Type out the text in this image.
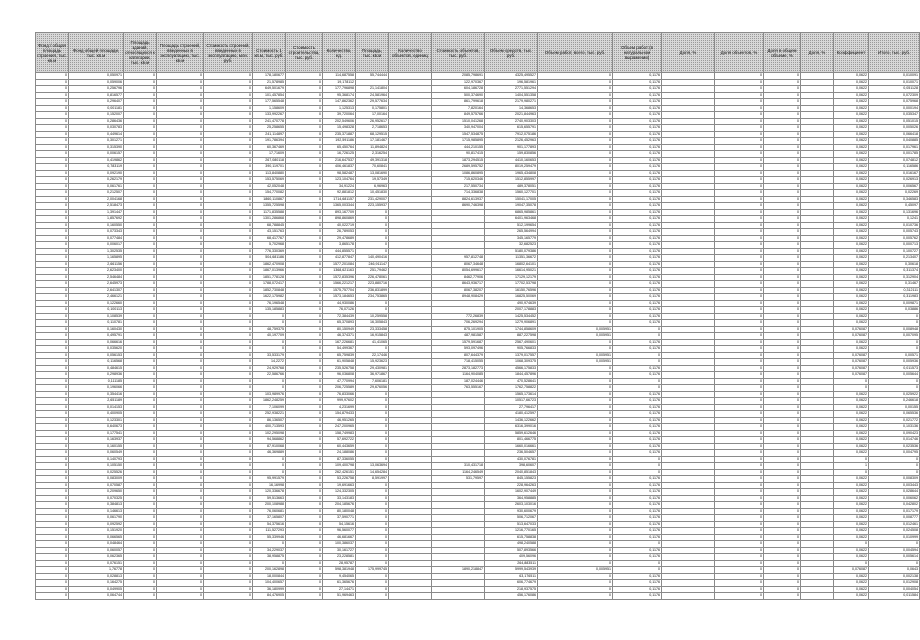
Фонд / общая площадь строения, тыс. кв.м	Фонд общей площади, тыс. кв.м	Площадь зданий, относящихся к категории, тыс. кв.м	Площадь строений, введенных в эксплуатацию, тыс. кв.м	Стоимость строений, введенных в эксплуатацию, млн. руб.	Стоимость 1 кв.м, тыс. руб.	Стоимость строительства, тыс. руб.	Количество, ед.	Площадь, тыс. кв.м	Количество объектов, единиц	Стоимость объектов, тыс. руб.	Объем средств, тыс. руб.	Объем работ, всего, тыс. руб.	Объем работ (в натуральном выражении)	Доля, %	Доля объектов, %	Доля в общем объеме, %	Доля, %	Коэффициент	Итого, тыс. руб.
0	0,050971	0	0	0	178,180677	0	114,687558	55,744444		2085,798691	4325,495527	0	0,1176		0	0		0,0622	0,010091
0	0,059006	0	0	0	21,578985	0	19,178112			122,970367	196,581961	0	0,1176		0	0		0,0622	0,010071
0	0,256796	0	0	0	649,501679	0	177,796898	21,141804		604,186728	2771,551294	0	0,1176		0	0		0,0622	0,051128
0	0,816577	0	0	0	101,457854	0	95,368174	24,581964		500,374690	1404,551358	0	0,1176		0	0		0,0622	0,072309
0	0,296407	0	0	0	177,565548	0	147,862362	29,577634		861,799618	2179,980271	0	0,1176		0	0		0,0622	0,075968
0	0,001181	0	0	0	1,158609	0	1,125313	0,175801		7,820164	14,368653	0	0,1176		0	0		0,0622	0,000194
0	0,152007	0	0	0	133,992267	0	39,720064	17,00164		849,575766	2021,844963	0	0,1176		0	0		0,0622	0,035347
0	0,286436	0	0	0	241,470778	0	202,549606	26,952617		1510,041268	2740,903303	0	0,1176		0	0		0,0622	0,051015
0	0,030783	0	0	0	25,258655	0	15,498328	2,718653		340,947004	615,655791	0	0,1176		0	0		0,0622	0,005026
0	0,449614	0	0	0	241,114897	0	235,371887	68,129515		1547,534875	7912,075186	0	0,1176		0	0		0,0622	0,066418
0	0,301271	0	0	0	191,786394	0	192,591186	17,181467		1715,985895	2126,452963	0	0,1176		0	0		0,0622	0,040885
0	0,315390	0	0	0	60,367469	0	65,450764	11,894824		444,210155	901,177893	0	0,1176		0	0		0,0622	0,017961
0	0,006157	0	0	0	17,71609	0	16,726125	2,316254		90,817415	159,830856	0	0,1176		0	0		0,0622	0,001785
0	0,419862	0	0	0	267,080118	0	216,647537	49,391318		1873,294515	4410,160653	0	0,1176		0	0		0,0622	0,074812
0	0,783119	0	0	0	390,119701	0	406,461837	70,60841		2689,595752	8019,259479	0	0,1176		0	0		0,0622	0,116586
0	0,092190	0	0	0	113,840880	0	98,582487	13,081690		1086,860895	1965,434808	0	0,1176		0	0		0,0622	0,016167
0	0,262179	0	0	0	153,575069	0	123,104764	19,57349		715,620346	1512,855997	0	0,1176		0	0		0,0622	0,026913
0	0,061761	0	0	0	42,052048	0	34,91224	6,96963		217,550734	489,378051	0	0,1176		0	0		0,0622	0,006567
0	0,212507	0	0	0	154,770082	0	92,881812	10,451830		714,336838	1560,127701	0	0,1176		0	0		0,0622	0,02269
0	2,004168	0	0	0	1860,110867	0	1714,681157	231,429007		8824,613937	15041,17005	0	0,1176		0	0		0,0622	0,346583
0	2,518473	0	0	0	1355,725598	0	1365,003344	223,155937		8690,746398	19047,35078	0	0,1176		0	0		0,0622	0,45097
0	1,391447	0	0	0	1171,835588	0	893,167709	0			6865,985861	0	0,1176		0	0		0,0622	0,131696
0	1,857692	0	0	0	1301,286868	0	898,860869	0			6401,963468	0	0,1176		0	0		0,0622	0,1241
0	0,160550	0	0	0	68,788845	0	40,022719	0			512,199654	0	0,1176		0	0		0,0622	0,010736
0	0,073343	0	0	0	43,151763	0	26,789053	0			265,564994	0	0,1176		0	0		0,0622	0,005743
0	0,077484	0	0	0	68,417767	0	29,478689	0			345,165779	0	0,1176		0	0		0,0622	0,005762
0	0,006017	0	0	0	5,702968	0	3,865178	0			32,682523	0	0,1176		0	0		0,0622	0,000713
0	1,302535	0	0	0	776,330369	0	444,855571	0			5180,079386	0	0,1176		0	0		0,0622	0,100727
0	1,165895	0	0	0	504,681186	0	412,877847	140,490416		957,812748	11351,36672	0	0,1176		0	0		0,0622	0,213407
0	2,661156	0	0	0	1862,470908	0	1577,201084	246,911147		8067,34648	16802,64101	0	0,1176		0	0		0,0622	0,30618
0	2,623400	0	0	0	1867,013966	0	1368,621163	251,79462		8054,699617	16614,95021	0	0,1176		0	0		0,0622	0,311374
0	2,546484	0	0	0	1851,778128	0	1572,835396	226,478061		8462,77906	17129,12179	0	0,1176		0	0		0,0622	0,312904
0	2,645973	0	0	0	1788,072417	0	1566,221217	223,880716		8643,936717	17702,53798	0	0,1176		0	0		0,0622	0,31467
0	2,641307	0	0	0	1852,730848	0	1575,757704	236,831899		8067,38207	16150,76596	0	0,1176		0	0		0,0622	0,312111
0	2,466121	0	0	0	1622,175982	0	1573,184653	234,753865		8948,908429	16825,50069	0	0,1176		0	0		0,0622	0,311983
0	0,122660	0	0	0	76,196548	0	44,930086	0			490,974639	0	0,1176		0	0		0,0622	0,009871
0	0,100113	0	0	0	135,185883	0	76,07126	0			2007,178883	0	0,1176		0	0		0,0622	0,03886
0	0,108539	0	0	0	0	0	72,384439	10,259558		772,26839	1425,534452	0	0,1176		0	0		0,0622	0
0	0,110781	0	0	0	0	0	65,370893	16,305843		706,269294	1279,906891	0	0,1176		0	0		0,0622	0
0	0,160430	0	0	0	48,759375	0	80,150949	23,333458		875,101905	1744,858609	0,005951	0		0	0		0,076087	0,008948
0	0,495791	0	0	0	40,197709	0	46,374371	16,915843		487,981587	887,227598	0,005951	0		0	0		0,076087	0,007095
0	0,066616	0	0	0	0	0	167,226681	41,41065		1579,591687	2567,490601	0	0,1176		0	0		0,0622	0
0	0,035620	0	0	0	0	0	54,499367	0		593,097496	905,766833	0	0,1176		0	0		0,0622	0
0	0,056153	0	0	0	33,533179	0	65,759839	22,17446		807,644379	1379,017557	0,005951	0		0	0		0,076087	0,00571
0	0,116568	0	0	0	14,2272	0	61,905848	15,923623		718,415055	1068,309375	0,005951	0		0	0		0,076087	0,005936
0	0,484615	0	0	0	24,929768	0	235,526758	29,430981		2873,182773	4566,175833	0	0,1176		0	0		0,076087	0,011573
0	0,298936	0	0	0	22,586766	0	96,036808	36,971867		1164,904085	1844,457896	0	0,1176		0	0		0,076087	0,005644
0	0,111185	0	0	0	0	0	47,770994	7,606181		187,024446	470,528641	0	0		0	0		0	0
0	0,196066	0	0	0	0	0	206,725589	29,676056		763,555167	1762,758822	0	0		0	0		0	0
0	0,354416	0	0	0	103,989976	0	76,833066	0			1565,173614	0	0,1176		0	0		0,0622	0,025922
0	2,651189	0	0	0	1862,248259	0	999,97602	0			10517,66723	0	0,1176		0	0		0,0622	0,246618
0	0,014153	0	0	0	7,106099	0	4,231699	0			27,796417	0	0,1176		0	0		0,0622	0,00155
0	0,400905	0	0	0	252,938221	0	154,879433	0			4180,412597	0	0,1176		0	0		0,0622	0,065536
0	0,123301	0	0	0	86,136507	0	46,951265	0			1436,122662	0	0,1176		0	0		0,0622	0,021772
0	0,640673	0	0	0	400,713593	0	247,200965	0			6316,399016	0	0,1176		0	0		0,0622	0,103136
0	0,177541	0	0	0	102,295098	0	158,749983	0			5859,612646	0	0,1176		0	0		0,0622	0,090423
0	0,163937	0	0	0	94,568862	0	57,692722	0			801,466775	0	0,1176		0	0		0,0622	0,014746
0	0,160155	0	0	0	87,910068	0	60,443659	0			1660,016661	0	0,1176		0	0		0,0622	0,023536
0	0,060549	0	0	0	46,369889	0	24,188086	0			236,504657	0	0,1176		0	0		0,0622	0,004795
0	0,140793	0	0	0	0	0	87,336055	0			430,076781	0	0		0	0		0	0
0	0,105150	0	0	0	0	0	109,400798	13,063694		310,431718	398,60607	0	0		0	0		1	0
0	0,025526	0	0	0	0	0	262,426151	14,654284		1164,246549	2040,851843	0	0		0	0		0	0
0	0,083009	0	0	0	95,991579	0	53,226758	8,591997		531,79597	845,155823	0	0,1176		0	0		0,0622	0,008309
0	0,070587	0	0	0	16,16998	0	19,691663	0			228,964263	0	0,1176		0	0		0,0622	0,003443
0	0,209650	0	0	0	120,336678	0	124,332305	0			1602,907449	0	0,1176		0	0		0,0622	0,028644
0	0,070325	0	0	0	59,513663	0	33,143183	0			364,958885	0	0,1176		0	0		0,0622	0,006062
0	0,384813	0	0	0	200,108988	0	204,185676	0			2603,103016	0	0,1176		0	0		0,0622	0,042802
0	0,146613	0	0	0	76,060681	0	80,180048	0			930,600679	0	0,1176		0	0		0,0622	0,017179
0	0,061790	0	0	0	37,165807	0	37,590771	0			506,712067	0	0,1176		0	0		0,0622	0,008777
0	0,092592	0	0	0	54,375616	0	54,15616	0			513,647033	0	0,1176		0	0		0,0622	0,012461
0	0,151920	0	0	0	111,527293	0	96,560077	0			1216,770165	0	0,1176		0	0		0,0622	0,024508
0	0,066565	0	0	0	55,339946	0	46,681667	0			615,758838	0	0,1176		0	0		0,0622	0,010999
0	0,048464	0	0	0	0	0	100,386037	0			498,240588	0	0		0	0		0	0
0	0,060057	0	0	0	34,229037	0	30,161727	0			507,893566	0	0,1176		0	0		0,0622	0,004594
0	0,062365	0	0	0	38,958875	0	23,228581	0			409,56096	0	0,1176		0	0		0,0622	0,005614
0	0,076151	0	0	0	0	0	28,95787	0			264,883511	0	0		0	0		0	0
0	1,76778	0	0	0	200,162898	0	598,381948	175,999745		1890,218847	5999,543939	0,005951	0		0	0		0,076087	0,0643
0	0,028813	0	0	0	18,000844	0	9,454065	0			63,176511	0	0,1176		0	0		0,0622	0,002138
0	0,164275	0	0	0	104,400657	0	61,365676	0			606,774679	0	0,1176		0	0		0,0622	0,012908
0	0,049905	0	0	0	36,180999	0	27,14471	0			218,937575	0	0,1176		0	0		0,0622	0,004054
0	0,064744	0	0	0	84,476905	0	51,969463	0			456,176086	0	0,1176		0	0		0,0622	0,011584
